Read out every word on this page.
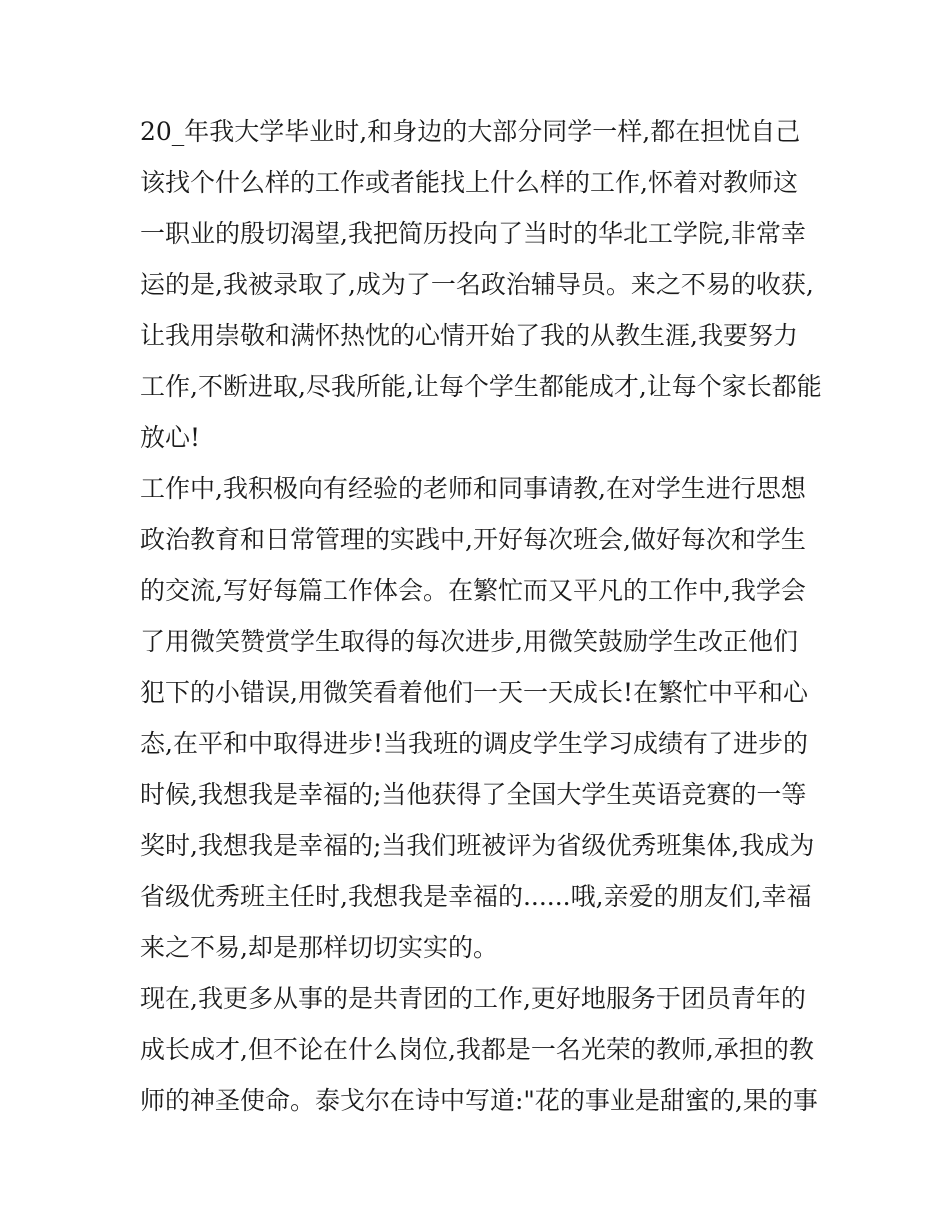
20_年我大学毕业时,和身边的大部分同学一样,都在担忧自己
该找个什么样的工作或者能找上什么样的工作,怀着对教师这
一职业的殷切渴望,我把简历投向了当时的华北工学院,非常幸
运的是,我被录取了,成为了一名政治辅导员。来之不易的收获,
让我用崇敬和满怀热忱的心情开始了我的从教生涯,我要努力
工作,不断进取,尽我所能,让每个学生都能成才,让每个家长都能
放心!
工作中,我积极向有经验的老师和同事请教,在对学生进行思想
政治教育和日常管理的实践中,开好每次班会,做好每次和学生
的交流,写好每篇工作体会。在繁忙而又平凡的工作中,我学会
了用微笑赞赏学生取得的每次进步,用微笑鼓励学生改正他们
犯下的小错误,用微笑看着他们一天一天成长!在繁忙中平和心
态,在平和中取得进步!当我班的调皮学生学习成绩有了进步的
时候,我想我是幸福的;当他获得了全国大学生英语竞赛的一等
奖时,我想我是幸福的;当我们班被评为省级优秀班集体,我成为
省级优秀班主任时,我想我是幸福的......哦,亲爱的朋友们,幸福
来之不易,却是那样切切实实的。
现在,我更多从事的是共青团的工作,更好地服务于团员青年的
成长成才,但不论在什么岗位,我都是一名光荣的教师,承担的教
师的神圣使命。泰戈尔在诗中写道:"花的事业是甜蜜的,果的事
